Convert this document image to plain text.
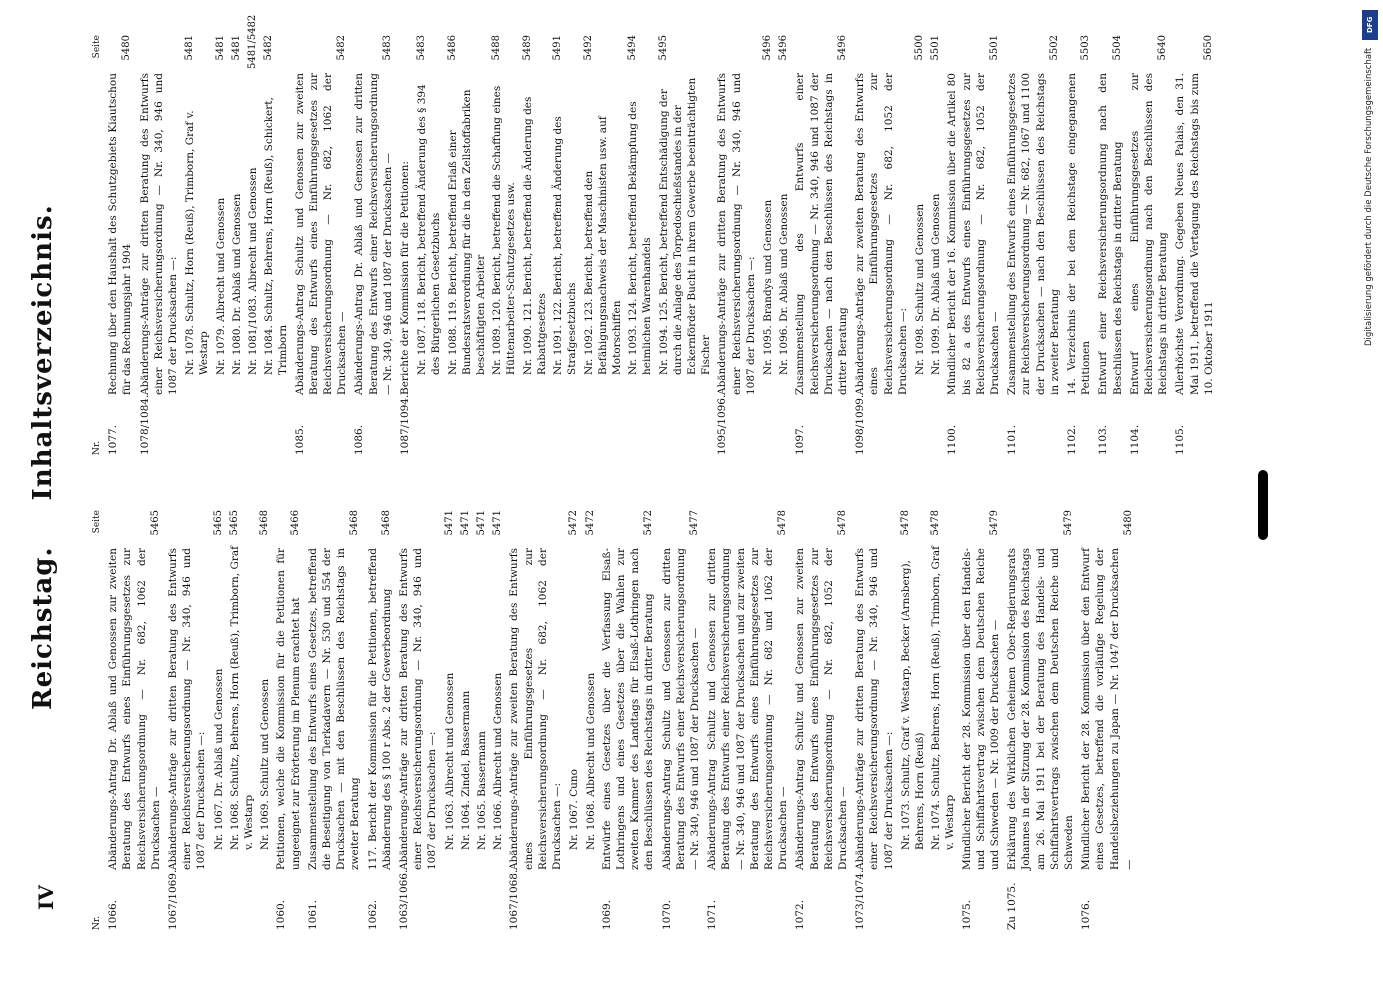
IV
Reichstag. Inhaltsverzeichnis.
Nr.
Seite
1066.
Abänderungs-Antrag Dr. Ablaß und Genossen zur zweiten Beratung des Entwurfs eines Einführungsgesetzes zur Reichsversicherungsordnung — Nr. 682, 1062 der Drucksachen —
5465
1067/1069.
Abänderungs-Anträge zur dritten Beratung des Entwurfs einer Reichsversicherungsordnung — Nr. 340, 946 und 1087 der Drucksachen —: Nr. 1067. Dr. Ablaß und Genossen
5465
Nr. 1068. Schultz, Behrens, Horn (Reuß), Trimborn, Graf v. Westarp
5465
Nr. 1069. Schultz und Genossen
5468
1060.
Petitionen, welche die Kommission für die Petitionen für ungeeignet zur Erörterung im Plenum erachtet hat
5466
1061.
Zusammenstellung des Entwurfs eines Gesetzes, betreffend die Beseitigung von Tierkadavern — Nr. 530 und 554 der Drucksachen — mit den Beschlüssen des Reichstags in zweiter Beratung
5468
1062.
117. Bericht der Kommission für die Petitionen, betreffend Abänderung des § 100 r Abs. 2 der Gewerbeordnung
5468
1063/1066.
Abänderungs-Anträge zur dritten Beratung des Entwurfs einer Reichsversicherungsordnung — Nr. 340, 946 und 1087 der Drucksachen —: Nr. 1063. Albrecht und Genossen
5471
Nr. 1064. Zindel, Bassermann
5471
Nr. 1065. Bassermann
5471
Nr. 1066. Albrecht und Genossen
5471
1067/1068.
Abänderungs-Anträge zur zweiten Beratung des Entwurfs eines Einführungsgesetzes zur Reichsversicherungsordnung — Nr. 682, 1062 der Drucksachen —: Nr. 1067. Cuno
5472
Nr. 1068. Albrecht und Genossen
5472
1069.
Entwürfe eines Gesetzes über die Verfassung Elsaß-Lothringens und eines Gesetzes über die Wahlen zur zweiten Kammer des Landtags für Elsaß-Lothringen nach den Beschlüssen des Reichstags in dritter Beratung
5472
1070.
Abänderungs-Antrag Schultz und Genossen zur dritten Beratung des Entwurfs einer Reichsversicherungsordnung — Nr. 340, 946 und 1087 der Drucksachen —
5477
1071.
Abänderungs-Antrag Schultz und Genossen zur dritten Beratung des Entwurfs einer Reichsversicherungsordnung — Nr. 340, 946 und 1087 der Drucksachen und zur zweiten Beratung des Entwurfs eines Einführungsgesetzes zur Reichsversicherungsordnung — Nr. 682 und 1062 der Drucksachen —
5478
1072.
Abänderungs-Antrag Schultz und Genossen zur zweiten Beratung des Entwurfs eines Einführungsgesetzes zur Reichsversicherungsordnung — Nr. 682, 1052 der Drucksachen —
5478
1073/1074.
Abänderungs-Anträge zur dritten Beratung des Entwurfs einer Reichsversicherungsordnung — Nr. 340, 946 und 1087 der Drucksachen —: Nr. 1073. Schultz, Graf v. Westarp, Becker (Arnsberg), Behrens, Horn (Reuß)
5478
Nr. 1074. Schultz, Behrens, Horn (Reuß), Trimborn, Graf v. Westarp
5478
1075.
Mündlicher Bericht der 28. Kommission über den Handels- und Schiffahrtsvertrag zwischen dem Deutschen Reiche und Schweden — Nr. 1009 der Drucksachen —
5479
Zu 1075.
Erklärung des Wirklichen Geheimen Ober-Regierungsrats Johannes in der Sitzung der 28. Kommission des Reichstags am 26. Mai 1911 bei der Beratung des Handels- und Schiffahrtsvertrags zwischen dem Deutschen Reiche und Schweden
5479
1076.
Mündlicher Bericht der 28. Kommission über den Entwurf eines Gesetzes, betreffend die vorläufige Regelung der Handelsbeziehungen zu Japan — Nr. 1047 der Drucksachen —
5480
Nr.
Seite
1077.
Rechnung über den Haushalt des Schutzgebiets Kiautschou für das Rechnungsjahr 1904
5480
1078/1084.
Abänderungs-Anträge zur dritten Beratung des Entwurfs einer Reichsversicherungsordnung — Nr. 340, 946 und 1087 der Drucksachen —: Nr. 1078. Schultz, Horn (Reuß), Trimborn, Graf v. Westarp
5481
Nr. 1079. Albrecht und Genossen
5481
Nr. 1080. Dr. Ablaß und Genossen
5481
Nr. 1081/1083. Albrecht und Genossen
5481/5482
Nr. 1084. Schultz, Behrens, Horn (Reuß), Schickert, Trimborn
5482
1085.
Abänderungs-Antrag Schultz und Genossen zur zweiten Beratung des Entwurfs eines Einführungsgesetzes zur Reichsversicherungsordnung — Nr. 682, 1062 der Drucksachen —
5482
1086.
Abänderungs-Antrag Dr. Ablaß und Genossen zur dritten Beratung des Entwurfs einer Reichsversicherungsordnung — Nr. 340, 946 und 1087 der Drucksachen —
5483
1087/1094.
Berichte der Kommission für die Petitionen: Nr. 1087. 118. Bericht, betreffend Änderung des § 394 des Bürgerlichen Gesetzbuchs
5483
Nr. 1088. 119. Bericht, betreffend Erlaß einer Bundesratsverordnung für die in den Zellstoffabriken beschäftigten Arbeiter
5486
Nr. 1089. 120. Bericht, betreffend die Schaffung eines Hüttenarbeiter-Schutzgesetzes usw.
5488
Nr. 1090. 121. Bericht, betreffend die Änderung des Rabattgesetzes
5489
Nr. 1091. 122. Bericht, betreffend Änderung des Strafgesetzbuchs
5491
Nr. 1092. 123. Bericht, betreffend den Befähigungsnachweis der Maschinisten usw. auf Motorschiffen
5492
Nr. 1093. 124. Bericht, betreffend Bekämpfung des heimlichen Warenhandels
5494
Nr. 1094. 125. Bericht, betreffend Entschädigung der durch die Anlage des Torpedoschießstandes in der Eckernförder Bucht in ihrem Gewerbe beeinträchtigten Fischer
5495
1095/1096.
Abänderungs-Anträge zur dritten Beratung des Entwurfs einer Reichsversicherungsordnung — Nr. 340, 946 und 1087 der Drucksachen —: Nr. 1095. Brandys und Genossen
5496
Nr. 1096. Dr. Ablaß und Genossen
5496
1097.
Zusammenstellung des Entwurfs einer Reichsversicherungsordnung — Nr. 340, 946 und 1087 der Drucksachen — nach den Beschlüssen des Reichstags in dritter Beratung
5496
1098/1099.
Abänderungs-Anträge zur zweiten Beratung des Entwurfs eines Einführungsgesetzes zur Reichsversicherungsordnung — Nr. 682, 1052 der Drucksachen —: Nr. 1098. Schultz und Genossen
5500
Nr. 1099. Dr. Ablaß und Genossen
5501
1100.
Mündlicher Bericht der 16. Kommission über die Artikel 80 bis 82 a des Entwurfs eines Einführungsgesetzes zur Reichsversicherungsordnung — Nr. 682, 1052 der Drucksachen —
5501
1101.
Zusammenstellung des Entwurfs eines Einführungsgesetzes zur Reichsversicherungsordnung — Nr. 682, 1067 und 1100 der Drucksachen — nach den Beschlüssen des Reichstags in zweiter Beratung
5502
1102.
14. Verzeichnis der bei dem Reichstage eingegangenen Petitionen
5503
1103.
Entwurf einer Reichsversicherungsordnung nach den Beschlüssen des Reichstags in dritter Beratung
5504
1104.
Entwurf eines Einführungsgesetzes zur Reichsversicherungsordnung nach den Beschlüssen des Reichstags in dritter Beratung
5640
1105.
Allerhöchste Verordnung. Gegeben Neues Palais, den 31. Mai 1911, betreffend die Vertagung des Reichstags bis zum 10. Oktober 1911
5650
DFG
Digitalisierung gefördert durch die Deutsche Forschungsgemeinschaft
